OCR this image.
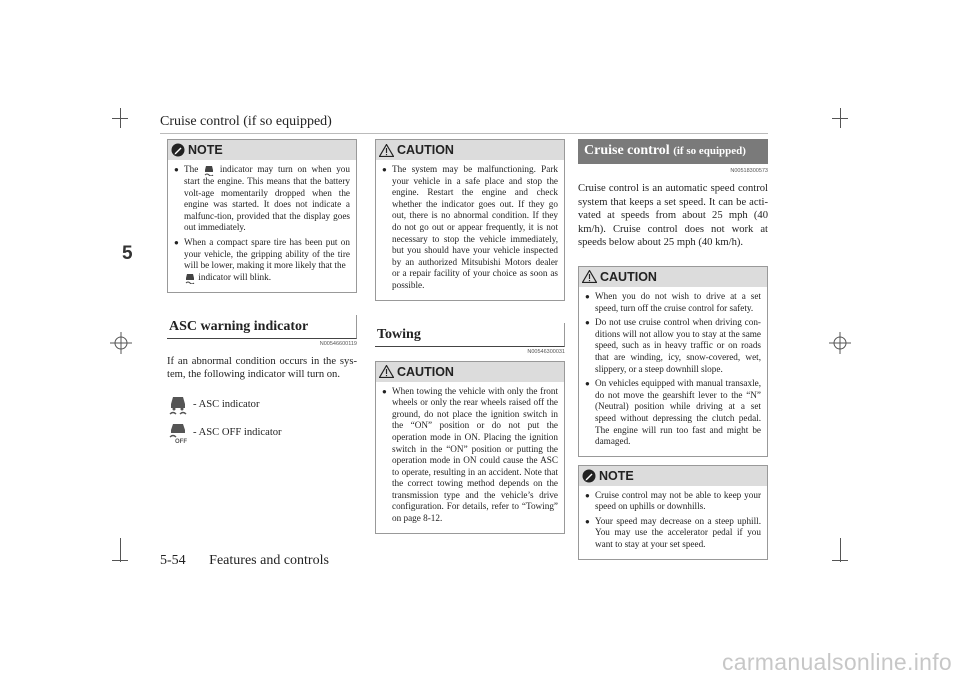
Cruise control (if so equipped)
5
NOTE
● The indicator may turn on when you start the engine. This means that the battery volt-age momentarily dropped when the engine was started. It does not indicate a malfunc-tion, provided that the display goes out immediately.
● When a compact spare tire has been put on your vehicle, the gripping ability of the tire will be lower, making it more likely that the
indicator will blink.
ASC warning indicator
N00546600119
If an abnormal condition occurs in the sys-tem, the following indicator will turn on.
- ASC indicator
OFF
- ASC OFF indicator
CAUTION
● The system may be malfunctioning. Park your vehicle in a safe place and stop the engine. Restart the engine and check whether the indicator goes out. If they go out, there is no abnormal condition. If they do not go out or appear frequently, it is not necessary to stop the vehicle immediately, but you should have your vehicle inspected by an authorized Mitsubishi Motors dealer or a repair facility of your choice as soon as possible.
Towing
N00546300031
CAUTION
● When towing the vehicle with only the front wheels or only the rear wheels raised off the ground, do not place the ignition switch in the “ON” position or do not put the operation mode in ON. Placing the ignition switch in the “ON” position or putting the operation mode in ON could cause the ASC to operate, resulting in an accident. Note that the correct towing method depends on the transmission type and the vehicle’s drive configuration. For details, refer to “Towing” on page 8-12.
Cruise control (if so equipped)
N00518300573
Cruise control is an automatic speed control system that keeps a set speed. It can be acti-vated at speeds from about 25 mph (40 km/h). Cruise control does not work at speeds below about 25 mph (40 km/h).
CAUTION
● When you do not wish to drive at a set speed, turn off the cruise control for safety.
● Do not use cruise control when driving con-ditions will not allow you to stay at the same speed, such as in heavy traffic or on roads that are winding, icy, snow-covered, wet, slippery, or a steep downhill slope.
● On vehicles equipped with manual transaxle, do not move the gearshift lever to the “N” (Neutral) position while driving at a set speed without depressing the clutch pedal. The engine will run too fast and might be damaged.
NOTE
● Cruise control may not be able to keep your speed on uphills or downhills.
● Your speed may decrease on a steep uphill. You may use the accelerator pedal if you want to stay at your set speed.
5-54 Features and controls
carmanualsonline.info
